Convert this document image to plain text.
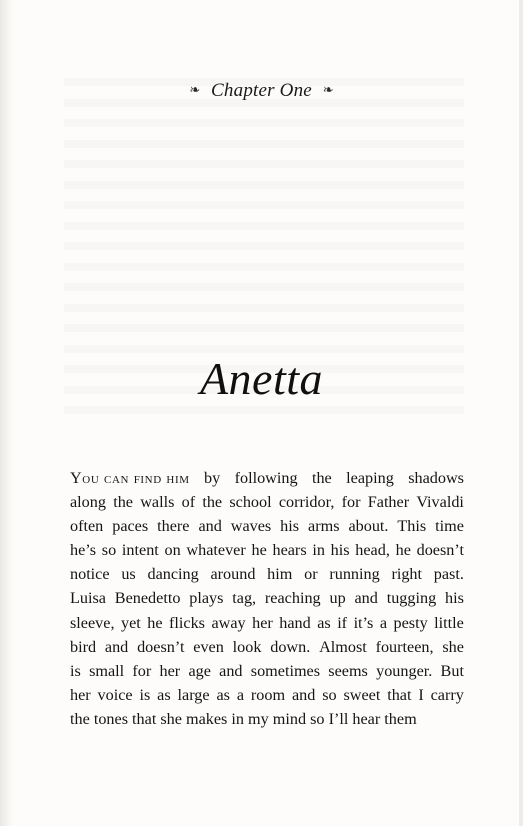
❧ Chapter One ❧
Anetta
You can find him by following the leaping shadows
along the walls of the school corridor, for Father Vivaldi
often paces there and waves his arms about. This time
he’s so intent on whatever he hears in his head, he doesn’t
notice us dancing around him or running right past.
Luisa Benedetto plays tag, reaching up and tugging his
sleeve, yet he flicks away her hand as if it’s a pesty little
bird and doesn’t even look down. Almost fourteen, she
is small for her age and sometimes seems younger. But
her voice is as large as a room and so sweet that I carry
the
tones
that
she
makes
in
my
mind
so
I’ll
hear
them
